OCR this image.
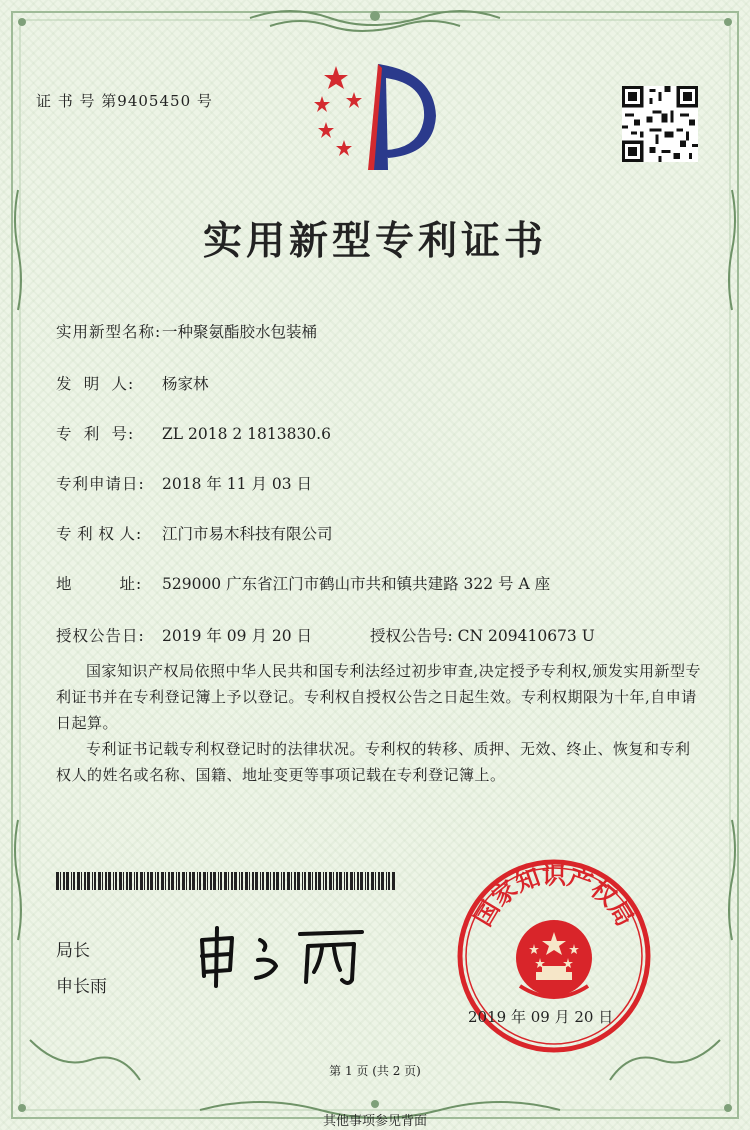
证 书 号 第9405450 号
实用新型专利证书
实用新型名称:一种聚氨酯胶水包装桶
发 明 人 : 杨家林
专 利 号 : ZL 2018 2 1813830.6
专利申请日: 2018 年 11 月 03 日
专 利 权 人 : 江门市易木科技有限公司
地	址 : 529000 广东省江门市鹤山市共和镇共建路 322 号 A 座
授权公告日: 2019 年 09 月 20 日	授权公告号: CN 209410673 U
国家知识产权局依照中华人民共和国专利法经过初步审查,决定授予专利权,颁发实用新型专利证书并在专利登记簿上予以登记。专利权自授权公告之日起生效。专利权期限为十年,自申请日起算。
专利证书记载专利权登记时的法律状况。专利权的转移、质押、无效、终止、恢复和专利权人的姓名或名称、国籍、地址变更等事项记载在专利登记簿上。
局长
申长雨
国家知识产权局
2019 年 09 月 20 日
第 1 页 (共 2 页)
其他事项参见背面
